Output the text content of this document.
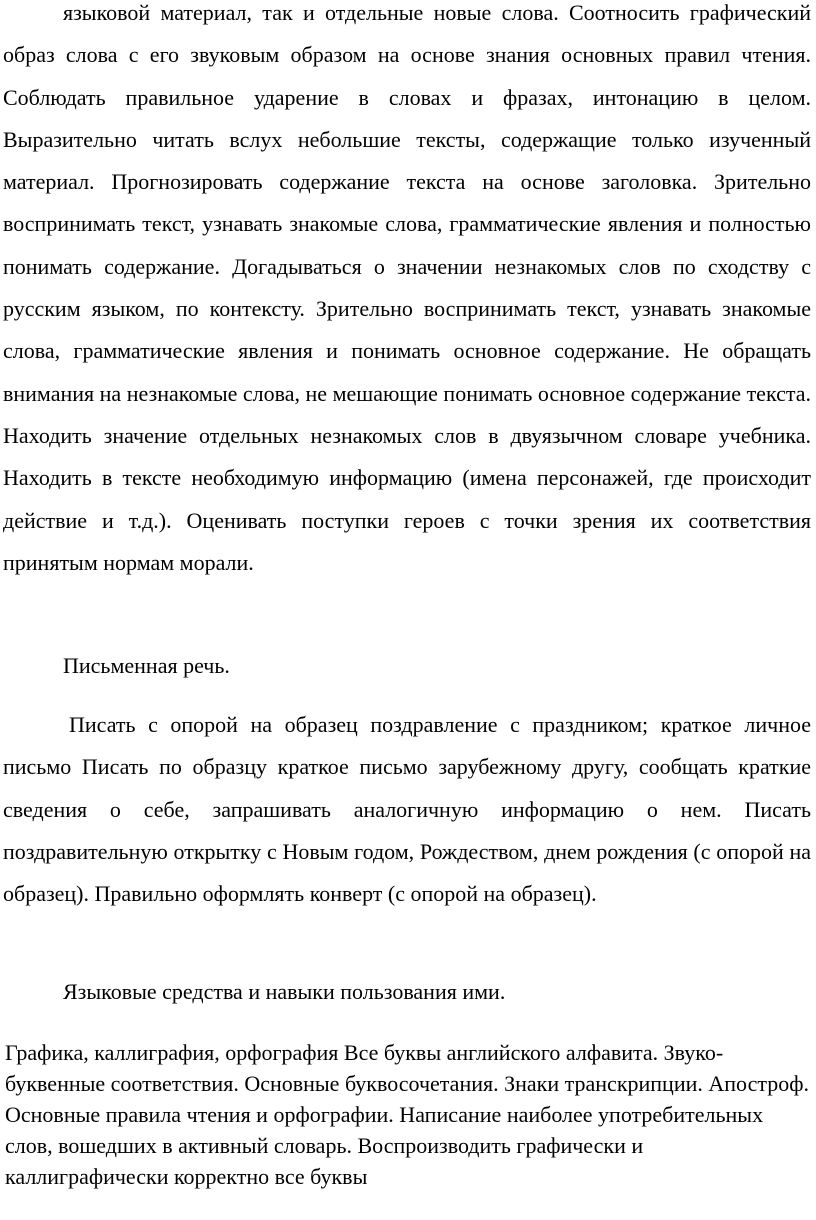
языковой материал, так и отдельные новые слова. Соотносить графический образ слова с его звуковым образом на основе знания основных правил чтения. Соблюдать правильное ударение в словах и фразах, интонацию в целом. Выразительно читать вслух небольшие тексты, содержащие только изученный материал. Прогнозировать содержание текста на основе заголовка. Зрительно воспринимать текст, узнавать знакомые слова, грамматические явления и полностью понимать содержание. Догадываться о значении незнакомых слов по сходству с русским языком, по контексту. Зрительно воспринимать текст, узнавать знакомые слова, грамматические явления и понимать основное содержание. Не обращать внимания на незнакомые слова, не мешающие понимать основное содержание текста. Находить значение отдельных незнакомых слов в двуязычном словаре учебника. Находить в тексте необходимую информацию (имена персонажей, где происходит действие и т.д.). Оценивать поступки героев с точки зрения их соответствия принятым нормам морали.

Письменная речь.

Писать с опорой на образец поздравление с праздником; краткое личное письмо Писать по образцу краткое письмо зарубежному другу, сообщать краткие сведения о себе, запрашивать аналогичную информацию о нем. Писать поздравительную открытку с Новым годом, Рождеством, днем рождения (с опорой на образец). Правильно оформлять конверт (с опорой на образец).

Языковые средства и навыки пользования ими.

Графика, каллиграфия, орфография Все буквы английского алфавита. Звуко-буквенные соответствия. Основные буквосочетания. Знаки транскрипции. Апостроф. Основные правила чтения и орфографии. Написание наиболее употребительных слов, вошедших в активный словарь. Воспроизводить графически и каллиграфически корректно все буквы
